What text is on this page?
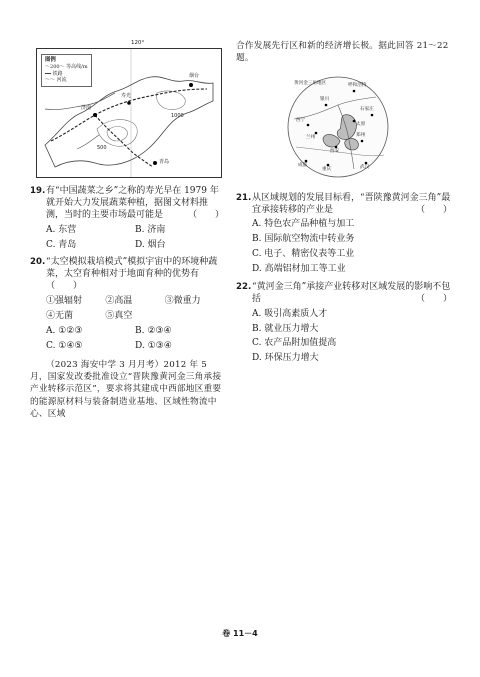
120°
图例
～200～ 等高线/m
━━ 铁路
～～ 河流
济南
烟台
青岛
寿光
500
1000
19. 有“中国蔬菜之乡”之称的寿光早在 1979 年就开始大力发展蔬菜种植，据图文材料推测，当时的主要市场最可能是	（　　）
A. 东营	B. 济南
C. 青岛	D. 烟台
20. “太空模拟栽培模式”模拟宇宙中的环境种蔬菜，太空育种相对于地面育种的优势有（　　）
①强辐射	②高温	③微重力
④无菌	⑤真空
A. ①②③	B. ②③④
C. ①④⑤	D. ①③④
（2023 海安中学 3 月月考）2012 年 5 月，国家发改委批准设立“晋陕豫黄河金三角承接产业转移示范区”，要求将其建成中西部地区重要的能源原材料与装备制造业基地、区域性物流中心、区域
合作发展先行区和新的经济增长极。据此回答 21～22 题。
黄河金三角地区	呼和浩特
银川
石家庄
太原
西宁
兰州	郑州
西安
成都
重庆	武汉
21. 从区域规划的发展目标看，“晋陕豫黄河金三角”最宜承接转移的产业是	（　　）
A. 特色农产品种植与加工
B. 国际航空物流中转业务
C. 电子、精密仪表等工业
D. 高端铝材加工等工业
22. “黄河金三角”承接产业转移对区域发展的影响不包括	（　　）
A. 吸引高素质人才
B. 就业压力增大
C. 农产品附加值提高
D. 环保压力增大
卷 11－4
